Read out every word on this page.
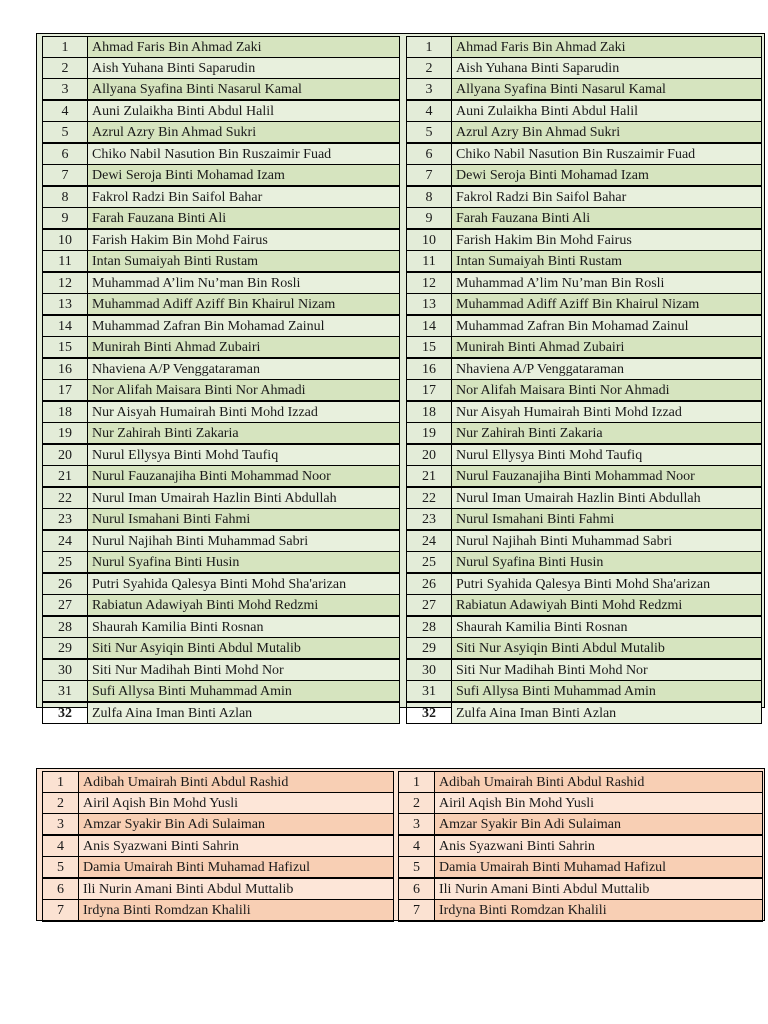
1	Ahmad Faris Bin Ahmad Zaki
2	Aish Yuhana Binti Saparudin
3	Allyana Syafina Binti Nasarul Kamal
4	Auni Zulaikha Binti Abdul Halil
5	Azrul Azry Bin Ahmad Sukri
6	Chiko Nabil Nasution Bin Ruszaimir Fuad
7	Dewi Seroja Binti Mohamad Izam
8	Fakrol Radzi Bin Saifol Bahar
9	Farah Fauzana Binti Ali
10	Farish Hakim Bin Mohd Fairus
11	Intan Sumaiyah Binti Rustam
12	Muhammad A’lim Nu’man Bin Rosli
13	Muhammad Adiff Aziff Bin Khairul Nizam
14	Muhammad Zafran Bin Mohamad Zainul
15	Munirah Binti Ahmad Zubairi
16	Nhaviena A/P Venggataraman
17	Nor Alifah Maisara Binti Nor Ahmadi
18	Nur Aisyah Humairah Binti Mohd Izzad
19	Nur Zahirah Binti Zakaria
20	Nurul Ellysya Binti Mohd Taufiq
21	Nurul Fauzanajiha Binti Mohammad Noor
22	Nurul Iman Umairah Hazlin Binti Abdullah
23	Nurul Ismahani Binti Fahmi
24	Nurul Najihah Binti Muhammad Sabri
25	Nurul Syafina Binti Husin
26	Putri Syahida Qalesya Binti Mohd Sha'arizan
27	Rabiatun Adawiyah Binti Mohd Redzmi
28	Shaurah Kamilia Binti Rosnan
29	Siti Nur Asyiqin Binti Abdul Mutalib
30	Siti Nur Madihah Binti Mohd Nor
31	Sufi Allysa Binti Muhammad Amin
32	Zulfa Aina Iman Binti Azlan
1	Ahmad Faris Bin Ahmad Zaki
2	Aish Yuhana Binti Saparudin
3	Allyana Syafina Binti Nasarul Kamal
4	Auni Zulaikha Binti Abdul Halil
5	Azrul Azry Bin Ahmad Sukri
6	Chiko Nabil Nasution Bin Ruszaimir Fuad
7	Dewi Seroja Binti Mohamad Izam
8	Fakrol Radzi Bin Saifol Bahar
9	Farah Fauzana Binti Ali
10	Farish Hakim Bin Mohd Fairus
11	Intan Sumaiyah Binti Rustam
12	Muhammad A’lim Nu’man Bin Rosli
13	Muhammad Adiff Aziff Bin Khairul Nizam
14	Muhammad Zafran Bin Mohamad Zainul
15	Munirah Binti Ahmad Zubairi
16	Nhaviena A/P Venggataraman
17	Nor Alifah Maisara Binti Nor Ahmadi
18	Nur Aisyah Humairah Binti Mohd Izzad
19	Nur Zahirah Binti Zakaria
20	Nurul Ellysya Binti Mohd Taufiq
21	Nurul Fauzanajiha Binti Mohammad Noor
22	Nurul Iman Umairah Hazlin Binti Abdullah
23	Nurul Ismahani Binti Fahmi
24	Nurul Najihah Binti Muhammad Sabri
25	Nurul Syafina Binti Husin
26	Putri Syahida Qalesya Binti Mohd Sha'arizan
27	Rabiatun Adawiyah Binti Mohd Redzmi
28	Shaurah Kamilia Binti Rosnan
29	Siti Nur Asyiqin Binti Abdul Mutalib
30	Siti Nur Madihah Binti Mohd Nor
31	Sufi Allysa Binti Muhammad Amin
32	Zulfa Aina Iman Binti Azlan
1	Adibah Umairah Binti Abdul Rashid
2	Airil Aqish Bin Mohd Yusli
3	Amzar Syakir Bin Adi Sulaiman
4	Anis Syazwani Binti Sahrin
5	Damia Umairah Binti Muhamad Hafizul
6	Ili Nurin Amani Binti Abdul Muttalib
7	Irdyna Binti Romdzan Khalili
1	Adibah Umairah Binti Abdul Rashid
2	Airil Aqish Bin Mohd Yusli
3	Amzar Syakir Bin Adi Sulaiman
4	Anis Syazwani Binti Sahrin
5	Damia Umairah Binti Muhamad Hafizul
6	Ili Nurin Amani Binti Abdul Muttalib
7	Irdyna Binti Romdzan Khalili
